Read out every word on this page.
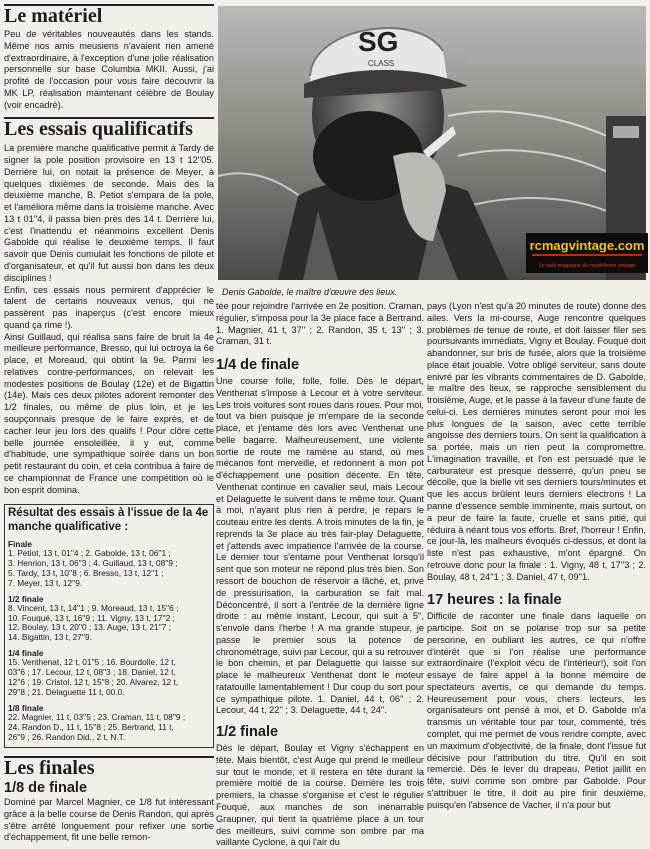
SG
CLASS
rcmagvintage.com
Le web magazine du modélisme vintage
Denis Gabolde, le maître d'œuvre des lieux.
Le matériel

Peu de véritables nouveautés dans les stands. Même nos amis meusiens n'avaient rien amené d'extraordinaire, à l'exception d'une jolie réalisation personnelle sur base Columbia MKII. Aussi, j'ai profité de l'occasion pour vous faire découvrir la MK LP, réalisation maintenant célèbre de Boulay (voir encadré).

Les essais qualificatifs

La première manche qualificative permit à Tardy de signer la pole position provisoire en 13 t 12''05. Derrière lui, on notait la présence de Meyer, à quelques dixièmes de seconde. Mais dès la deuxième manche, B. Petiot s'empara de la pole, et l'améliora même dans la troisième manche. Avec 13 t 01''4, il passa bien près des 14 t. Derrière lui, c'est l'inattendu et néanmoins excellent Denis Gabolde qui réalise le deuxième temps. Il faut savoir que Denis cumulait les fonctions de pilote et d'organisateur, et qu'il fut aussi bon dans les deux disciplines !

Enfin, ces essais nous permirent d'apprécier le talent de certains nouveaux venus, qui ne passèrent pas inaperçus (c'est encore mieux quand ça rime !).

Ainsi Guillaud, qui réalisa sans faire de bruit la 4e meilleure performance, Bresso, qui lui octroya la 6e place, et Moreaud, qui obtint la 9e. Parmi les relatives contre-performances, on relevait les modestes positions de Boulay (12e) et de Bigattin (14e). Mais ces deux pilotes adorent remonter des 1/2 finales, ou même de plus loin, et je les soupçonnais presque de le faire exprès, et de cacher leur jeu lors des qualifs ! Pour clôre cette belle journée ensoleillée, il y eut, comme d'habitude, une sympathique soirée dans un bon petit restaurant du coin, et cela contribua à faire de ce championnat de France une compétition où le bon esprit domina.

Résultat des essais à l'issue de la 4e manche qualificative :
Finale

1. Petiot, 13 t, 01''4 ; 2. Gabolde, 13 t, 06''1 ;

3. Henrion, 13 t, 06''3 ; 4. Guillaud, 13 t, 08''9 ;

5. Tardy, 13 t, 10''8 ; 6. Bresso, 13 t, 12''1 ;

7. Meyer, 13 t, 12''9.

1/2 finale

8. Vincent, 13 t, 14''1 ; 9. Moreaud, 13 t, 15''6 ;

10. Fouqué, 13 t, 16''9 ; 11. Vigny, 13 t, 17''2 ;

12. Boulay, 13 t, 20''0 ; 13. Auge, 13 t, 21''7 ;

14. Bigattin, 13 t, 27''9.

1/4 finale

15. Venthenat, 12 t, 01''5 ; 16. Bourdolle, 12 t,

03''6 ; 17. Lecour, 12 t, 08''3 ; 18. Daniel, 12 t,

12''6 ; 19. Cristol, 12 t, 15''8 ; 20. Alvarez, 12 t,

29''8 ; 21. Delaguette 11 t, 00.0.

1/8 finale

22. Magnier, 11 t, 03''5 ; 23. Craman, 11 t, 08''9 ;

24. Randon D., 11 t, 15''8 ; 25. Bertrand, 11 t,

26''9 ; 26. Randon Did., 2 t, N.T.

Les finales
1/8 de finale

Dominé par Marcel Magnier, ce 1/8 fut intéressant grâce à la belle course de Denis Randon, qui après s'être arrêté longuement pour refixer une sortie d'échappement, fit une belle remon-

tée pour rejoindre l'arrivée en 2e position. Craman, régulier, s'imposa pour la 3e place face à Bertrand. 1. Magnier, 41 t, 37'' ; 2. Randon, 35 t, 13'' ; 3. Craman, 31 t.

1/4 de finale

Une course folle, folle, folle. Dès le départ, Venthenat s'impose à Lecour et à votre serviteur. Les trois voitures sont roues dans roues. Pour moi, tout va bien puisque je m'empare de la seconde place, et j'entame dès lors avec Venthenat une belle bagarre. Malheureusement, une violente sortie de route me ramène au stand, où mes mécanos font merveille, et redonnent à mon pot d'échappement une position décente. En tête, Venthenat continue en cavalier seul, mais Lecour et Delaguette le suivent dans le même tour. Quant à moi, n'ayant plus rien à perdre, je repars le couteau entre les dents. A trois minutes de la fin, je reprends la 3e place au très fair-play Delaguette, et j'attends avec impatience l'arrivée de la course. Le dernier tour s'entame pour Venthenat lorsqu'il sent que son moteur ne répond plus très bien. Son ressort de bouchon de réservoir a lâché, et, privé de pressurisation, la carburation se fait mal. Déconcentré, il sort à l'entrée de la dernière ligne droite : au même instant, Lecour, qui suit à 5'', s'envole dans l'herbe ! A ma grande stupeur, je passe le premier sous la potence de chronométrage, suivi par Lecour, qui a su retrouver le bon chemin, et par Delaguette qui laisse sur place le malheureux Venthenat dont le moteur ratatouille lamentablement ! Dur coup du sort pour ce sympathique pilote. 1. Daniel, 44 t, 06'' ; 2. Lecour, 44 t, 22'' ; 3. Delaguette, 44 t, 24''.

1/2 finale

Dès le départ, Boulay et Vigny s'échappent en tête. Mais bientôt, c'est Auge qui prend le meilleur sur tout le monde, et il restera en tête durant la première moitié de la course. Derrière les trois premiers, la chasse s'organise et c'est le régulier Fouqué, aux manches de son inénarrable Graupner, qui tient la quatrième place à un tour des meilleurs, suivi comme son ombre par ma vaillante Cyclone, à qui l'air du

pays (Lyon n'est qu'à 20 minutes de route) donne des ailes. Vers la mi-course, Auge rencontre quelques problèmes de tenue de route, et doit laisser filer ses poursuivants immédiats, Vigny et Boulay. Fouqué doit abandonner, sur bris de fusée, alors que la troisième place était jouable. Votre obligé serviteur, sans doute enivré par les vibrants commentaires de D. Gabolde, le maître des lieux, se rapproche sensiblement du troisième, Auge, et le passe à la faveur d'une faute de celui-ci. Les dernières minutes seront pour moi les plus longues de la saison, avec cette terrible angoisse des derniers tours. On sent la qualification à sa portée, mais un rien peut la compromettre. L'imagination travaille, et l'on est persuadé que le carburateur est presque desserré, qu'un pneu se décolle, que la bielle vit ses derniers tours/minutes et que les accus brûlent leurs derniers électrons ! La panne d'essence semble imminente, mais surtout, on a peur de faire la faute, cruelle et sans pitié, qui réduira à néant tous vos efforts. Bref, l'horreur ! Enfin, ce jour-là, les malheurs évoqués ci-dessus, et dont la liste n'est pas exhaustive, m'ont épargné. On retrouve donc pour la finale : 1. Vigny, 48 t, 17''3 ; 2. Boulay, 48 t, 24''1 ; 3. Daniel, 47 t, 09''1.

17 heures : la finale

Difficile de raconter une finale dans laquelle on participe. Soit on se polarise trop sur sa petite personne, en oubliant les autres, ce qui n'offre d'intérêt que si l'on réalise une performance extraordinaire (l'exploit vécu de l'intérieur!), soit l'on essaye de faire appel à la bonne mémoire de spectateurs avertis, ce qui demande du temps. Heureusement pour vous, chers lecteurs, les organisateurs ont pensé à moi, et D. Gabolde m'a transmis un véritable tour par tour, commenté, très complet, qui me permet de vous rendre compte, avec un maximum d'objectivité, de la finale, dont l'issue fut décisive pour l'attribution du titre. Qu'il en soit remercié. Dès le lever du drapeau, Petiot jaillit en tête, suivi comme son ombre par Gabolde. Pour s'attribuer le titre, il doit au pire finir deuxième, puisqu'en l'absence de Vacher, il n'a pour but
